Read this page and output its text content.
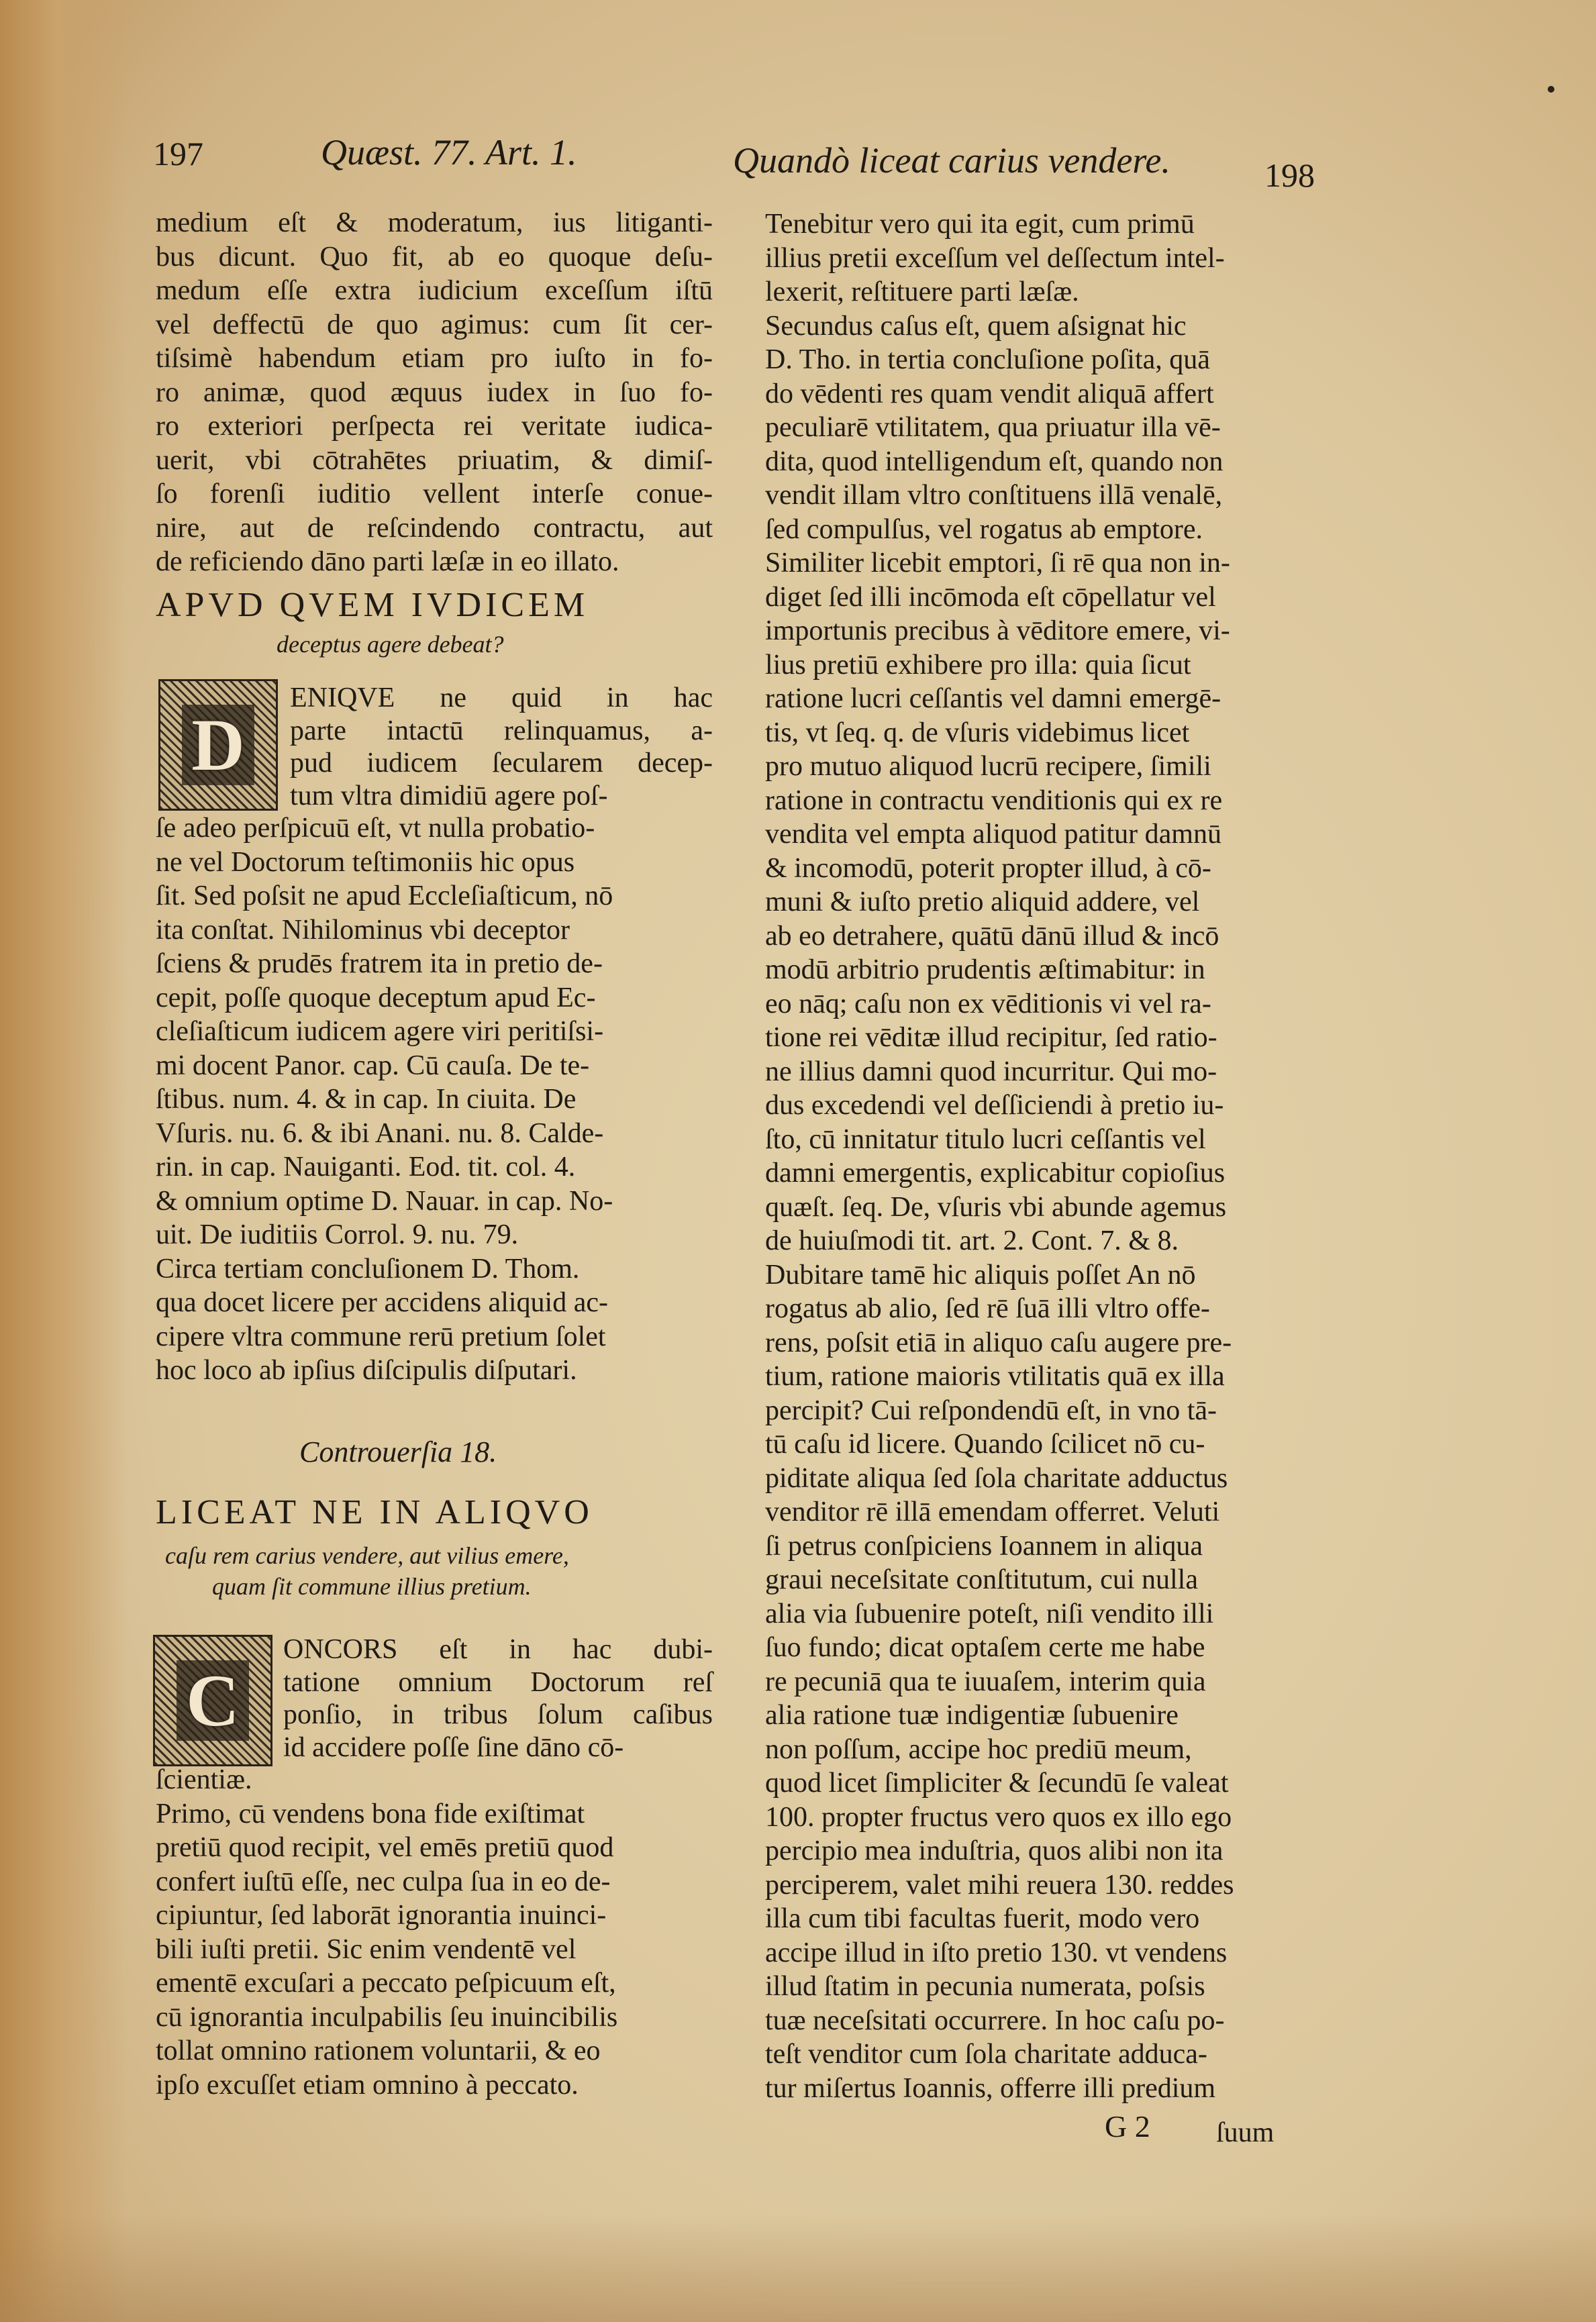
197	Quæst. 77. Art. 1.	Quandò liceat carius vendere.	198
medium eſt & moderatum, ius litiganti-
bus dicunt. Quo fit, ab eo quoque deſu-
medum eſſe extra iudicium exceſſum iſtū
vel deffectū de quo agimus: cum ſit cer-
tiſsimè habendum etiam pro iuſto in fo-
ro animæ, quod æquus iudex in ſuo fo-
ro exteriori perſpecta rei veritate iudica-
uerit, vbi cōtrahētes priuatim, & dimiſ-
ſo forenſi iuditio vellent interſe conue-
nire, aut de reſcindendo contractu, aut
de reficiendo dāno parti læſæ in eo illato.
APVD QVEM IVDICEM
deceptus agere debeat?
D
ENIQVE ne quid in hac
parte intactū relinquamus, a-
pud iudicem ſecularem decep-
tum vltra dimidiū agere poſ-
ſe adeo perſpicuū eſt, vt nulla probatio-
ne vel Doctorum teſtimoniis hic opus
ſit. Sed poſsit ne apud Eccleſiaſticum, nō
ita conſtat. Nihilominus vbi deceptor
ſciens & prudēs fratrem ita in pretio de-
cepit, poſſe quoque deceptum apud Ec-
cleſiaſticum iudicem agere viri peritiſsi-
mi docent Panor. cap. Cū cauſa. De te-
ſtibus. num. 4. & in cap. In ciuita. De
Vſuris. nu. 6. & ibi Anani. nu. 8. Calde-
rin. in cap. Nauiganti. Eod. tit. col. 4.
& omnium optime D. Nauar. in cap. No-
uit. De iuditiis Corrol. 9. nu. 79.
Circa tertiam concluſionem D. Thom.
qua docet licere per accidens aliquid ac-
cipere vltra commune rerū pretium ſolet
hoc loco ab ipſius diſcipulis diſputari.
Controuerſia 18.
LICEAT NE IN ALIQVO
caſu rem carius vendere, aut vilius emere,
quam ſit commune illius pretium.
C
ONCORS eſt in hac dubi-
tatione omnium Doctorum reſ
ponſio, in tribus ſolum caſibus
id accidere poſſe ſine dāno cō-
ſcientiæ.
Primo, cū vendens bona fide exiſtimat
pretiū quod recipit, vel emēs pretiū quod
confert iuſtū eſſe, nec culpa ſua in eo de-
cipiuntur, ſed laborāt ignorantia inuinci-
bili iuſti pretii. Sic enim vendentē vel
ementē excuſari a peccato peſpicuum eſt,
cū ignorantia inculpabilis ſeu inuincibilis
tollat omnino rationem voluntarii, & eo
ipſo excuſſet etiam omnino à peccato.
Tenebitur vero qui ita egit, cum primū
illius pretii exceſſum vel deſſectum intel-
lexerit, reſtituere parti læſæ.
Secundus caſus eſt, quem aſsignat hic
D. Tho. in tertia concluſione poſita, quā
do vēdenti res quam vendit aliquā affert
peculiarē vtilitatem, qua priuatur illa vē-
dita, quod intelligendum eſt, quando non
vendit illam vltro conſtituens illā venalē,
ſed compulſus, vel rogatus ab emptore.
Similiter licebit emptori, ſi rē qua non in-
diget ſed illi incōmoda eſt cōpellatur vel
importunis precibus à vēditore emere, vi-
lius pretiū exhibere pro illa: quia ſicut
ratione lucri ceſſantis vel damni emergē-
tis, vt ſeq. q. de vſuris videbimus licet
pro mutuo aliquod lucrū recipere, ſimili
ratione in contractu venditionis qui ex re
vendita vel empta aliquod patitur damnū
& incomodū, poterit propter illud, à cō-
muni & iuſto pretio aliquid addere, vel
ab eo detrahere, quātū dānū illud & incō
modū arbitrio prudentis æſtimabitur: in
eo nāq; caſu non ex vēditionis vi vel ra-
tione rei vēditæ illud recipitur, ſed ratio-
ne illius damni quod incurritur. Qui mo-
dus excedendi vel deſſiciendi à pretio iu-
ſto, cū innitatur titulo lucri ceſſantis vel
damni emergentis, explicabitur copioſius
quæſt. ſeq. De, vſuris vbi abunde agemus
de huiuſmodi tit. art. 2. Cont. 7. & 8.
Dubitare tamē hic aliquis poſſet An nō
rogatus ab alio, ſed rē ſuā illi vltro offe-
rens, poſsit etiā in aliquo caſu augere pre-
tium, ratione maioris vtilitatis quā ex illa
percipit? Cui reſpondendū eſt, in vno tā-
tū caſu id licere. Quando ſcilicet nō cu-
piditate aliqua ſed ſola charitate adductus
venditor rē illā emendam offerret. Veluti
ſi petrus conſpiciens Ioannem in aliqua
graui neceſsitate conſtitutum, cui nulla
alia via ſubuenire poteſt, niſi vendito illi
ſuo fundo; dicat optaſem certe me habe
re pecuniā qua te iuuaſem, interim quia
alia ratione tuæ indigentiæ ſubuenire
non poſſum, accipe hoc prediū meum,
quod licet ſimpliciter & ſecundū ſe valeat
100. propter fructus vero quos ex illo ego
percipio mea induſtria, quos alibi non ita
perciperem, valet mihi reuera 130. reddes
illa cum tibi facultas fuerit, modo vero
accipe illud in iſto pretio 130. vt vendens
illud ſtatim in pecunia numerata, poſsis
tuæ neceſsitati occurrere. In hoc caſu po-
teſt venditor cum ſola charitate adduca-
tur miſertus Ioannis, offerre illi predium
G 2 ſuum
